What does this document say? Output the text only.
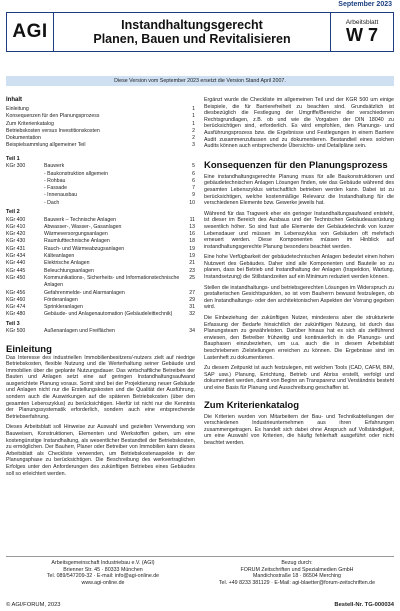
September 2023
AGI	Instandhaltungsgerecht
Planen, Bauen und Revitalisieren
Arbeitsblatt
W 7
Diese Version vom September 2023 ersetzt die Version Stand April 2007.
Inhalt
Einleitung	1
Konsequenzen für den Planungsprozess	1
Zum Kriterienkatalog	1
Betriebskosten versus Investitionskosten	2
Dokumentation	2
Beispielsammlung allgemeiner Teil	3
Teil 1
KGr 300	Bauwerk	5
- Baukonstruktion allgemein	6
- Rohbau	6
- Fassade	7
- Innenausbau	9
- Dach	10
Teil 2
KGr 400	Bauwerk – Technische Anlagen	11
KGr 410	Abwasser-, Wasser-, Gasanlagen	13
KGr 420	Wärmeversorgungsanlagen	16
KGr 430	Raumlufttechnische Anlagen	18
KGr 431	Rauch- und Wärmeabzugsanlagen	19
KGr 434	Kälteanlagen	19
KGr 440	Elektrische Anlagen	21
KGr 445	Beleuchtungsanlagen	23
KGr 450	Kommunikations-, Sicherheits- und Informationstechnische Anlagen
25
KGr 456	Gefahrenmelde- und Alarmanlagen	27
KGr 460	Förderanlagen	29
KGr 474	Sprinkleranlagen	31
KGr 480	Gebäude- und Anlagenautomation (Gebäudeleittechnik)	32
Teil 3
KGr 500	Außenanlagen und Freiflächen	34
Einleitung

Das Interesse des industriellen Immobilienbesitzers/-nutzers zielt auf niedrige Betriebskosten, flexible Nutzung und die Werterhaltung seiner Gebäude und Immobilien über die geplante Nutzungsdauer. Das wirtschaftliche Betreiben der Bauten und Anlagen setzt eine auf geringen Instandhaltungsaufwand ausgerichtete Planung voraus. Somit sind bei der Projektierung neuer Gebäude und Anlagen nicht nur die Erstellungskosten und die Qualität der Ausführung, sondern auch die Auswirkungen auf die späteren Betriebskosten (über den gesamten Lebenszyklus) zu berücksichtigen. Hierfür ist nicht nur die Kenntnis der Planungssystematik erforderlich, sondern auch eine entsprechende Betriebserfahrung.

Dieses Arbeitsblatt soll Hinweise zur Auswahl und gezielten Verwendung von Bauweisen, Konstruktionen, Elementen und Werkstoffen geben, um eine kostengünstige Instandhaltung, als wesentlicher Bestandteil der Betriebskosten, zu ermöglichen. Der Bauherr, Planer oder Betreiber von Immobilien kann dieses Arbeitsblatt als Checkliste verwenden, um Betriebskostenaspekte in der Planungsphase zu berücksichtigen. Die Beschreibung des werkvertraglichen Erfolges unter den Anforderungen des zukünftigen Betriebes eines Gebäudes soll so erleichtert werden.

Ergänzt wurde die Checkliste im allgemeinen Teil und der KGR 500 um einige Beispiele, die für Barrierefreiheit zu beachten sind. Grundsätzlich ist diesbezüglich die Festlegung der Umgriffe/Bereiche der verschiedenen Rechtsgrundlagen, z.B. ob und wie die Vorgaben der DIN 18040 zu berücksichtigen sind, erforderlich. Es wird empfohlen, den Planungs- und Ausführungsprozess bzw. die Ergebnisse und Festlegungen in einem Barriere Audit zusammenzufassen und zu dokumentieren. Bestandteil eines solchen Audits können auch entsprechende Übersichts- und Detailpläne sein.

Konsequenzen für den Planungsprozess

Eine instandhaltungsgerechte Planung muss für alle Baukonstruktionen und gebäudetechnischen Anlagen Lösungen finden, wie das Gebäude während des gesamten Lebenszyklus wirtschaftlich betrieben werden kann. Dabei ist zu berücksichtigen, welche kostenmäßige Relevanz die Instandhaltung für die verschiedenen Elemente bzw. Gewerke jeweils hat.

Während für das Tragwerk eher ein geringer Instandhaltungsaufwand entsteht, ist dieser im Bereich des Ausbaus und der Technischen Gebäudeausrüstung wesentlich höher. So sind fast alle Elemente der Gebäudetechnik von kurzer Lebensdauer und müssen im Lebenszyklus von Gebäuden oft mehrfach erneuert werden. Diese Komponenten müssen im Hinblick auf instandhaltungsgerechte Planung besonders beachtet werden.

Eine hohe Verfügbarkeit der gebäudetechnischen Anlagen bedeutet einen hohen Nutzwert des Gebäudes. Daher sind alle Komponenten und Bauteile so zu planen, dass bei Betrieb und Instandhaltung der Anlagen (Inspektion, Wartung, Instandsetzung) die Stillstandzeiten auf ein Minimum reduziert werden können.

Stellen die instandhaltungs- und betriebsgerechten Lösungen im Widerspruch zu gestalterischen Gesichtspunkten, so ist vom Bauherrn bewusst festzulegen, ob den Instandhaltungs- oder den architektonischen Aspekten der Vorrang gegeben wird.

Die Einbeziehung der zukünftigen Nutzer, mindestens aber die strukturierte Erfassung der Bedarfe hinsichtlich der zukünftigen Nutzung, ist durch das Planungsteam zu gewährleisten. Darüber hinaus hat es sich als zielführend erwiesen, den Betreiber frühzeitig und kontinuierlich in die Planungs- und Bauphasen einzubeziehen, um u.a. auch die in diesem Arbeitsblatt beschriebenen Zielstellungen erreichen zu können. Die Ergebnisse sind im Lastenheft zu dokumentieren.

Zu diesem Zeitpunkt ist auch festzulegen, mit welchen Tools (CAD, CAFM, BIM, SAP usw.) Planung, Errichtung, Betrieb und Abriss erstellt, verfolgt und dokumentiert werden, damit von Beginn an Transparenz und Verständnis besteht und eine Basis für Planung und Ausschreibung geschaffen ist.

Zum Kriterienkatalog

Die Kriterien wurden von Mitarbeitern der Bau- und Technikabteilungen der verschiedenen Industrieunternehmen aus ihren Erfahrungen zusammengetragen. Es handelt sich dabei ohne Anspruch auf Vollständigkeit, um eine Auswahl von Kriterien, die häufig fehlerhaft ausgeführt oder nicht beachtet werden.

Arbeitsgemeinschaft Industriebau e.V. (AGI)
Brienner Str. 45 · 80333 München
Tel. 089/547209-32 · E-mail: info@agi-online.de
www.agi-online.de
Bezug durch:
FORUM Zeitschriften und Spezialmedien GmbH
Mandichostraße 18 · 86504 Merching
Tel. +49 8233 381129 · E-Mail: agi-blaetter@forum-zeitschriften.de
© AGI/FORUM, 2023	Bestell-Nr. TG-000034
